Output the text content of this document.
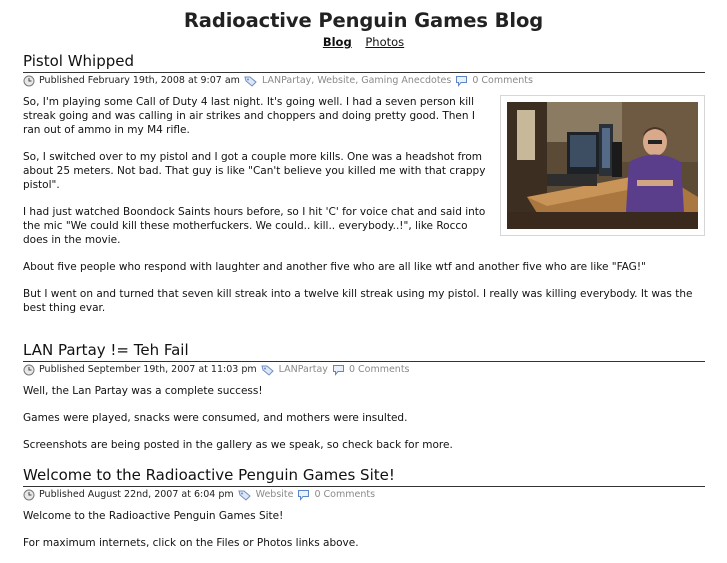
Radioactive Penguin Games Blog
Blog Photos
Pistol Whipped
Published February 19th, 2008 at 9:07 am LANPartay , Website , Gaming Anecdotes 0 Comments

So, I'm playing some Call of Duty 4 last night. It's going well. I had a seven person kill streak going and was calling in air strikes and choppers and doing pretty good. Then I ran out of ammo in my M4 rifle.

So, I switched over to my pistol and I got a couple more kills. One was a headshot from about 25 meters. Not bad. That guy is like "Can't believe you killed me with that crappy pistol".

I had just watched Boondock Saints hours before, so I hit 'C' for voice chat and said into the mic "We could kill these motherfuckers. We could.. kill.. everybody..!", like Rocco does in the movie.

About five people who respond with laughter and another five who are all like wtf and another five who are like "FAG!"

But I went on and turned that seven kill streak into a twelve kill streak using my pistol. I really was killing everybody. It was the best thing evar.

LAN Partay != Teh Fail
Published September 19th, 2007 at 11:03 pm LANPartay 0 Comments

Well, the Lan Partay was a complete success!

Games were played, snacks were consumed, and mothers were insulted.

Screenshots are being posted in the gallery as we speak, so check back for more.

Welcome to the Radioactive Penguin Games Site!
Published August 22nd, 2007 at 6:04 pm Website 0 Comments

Welcome to the Radioactive Penguin Games Site!

For maximum internets, click on the Files or Photos links above.
